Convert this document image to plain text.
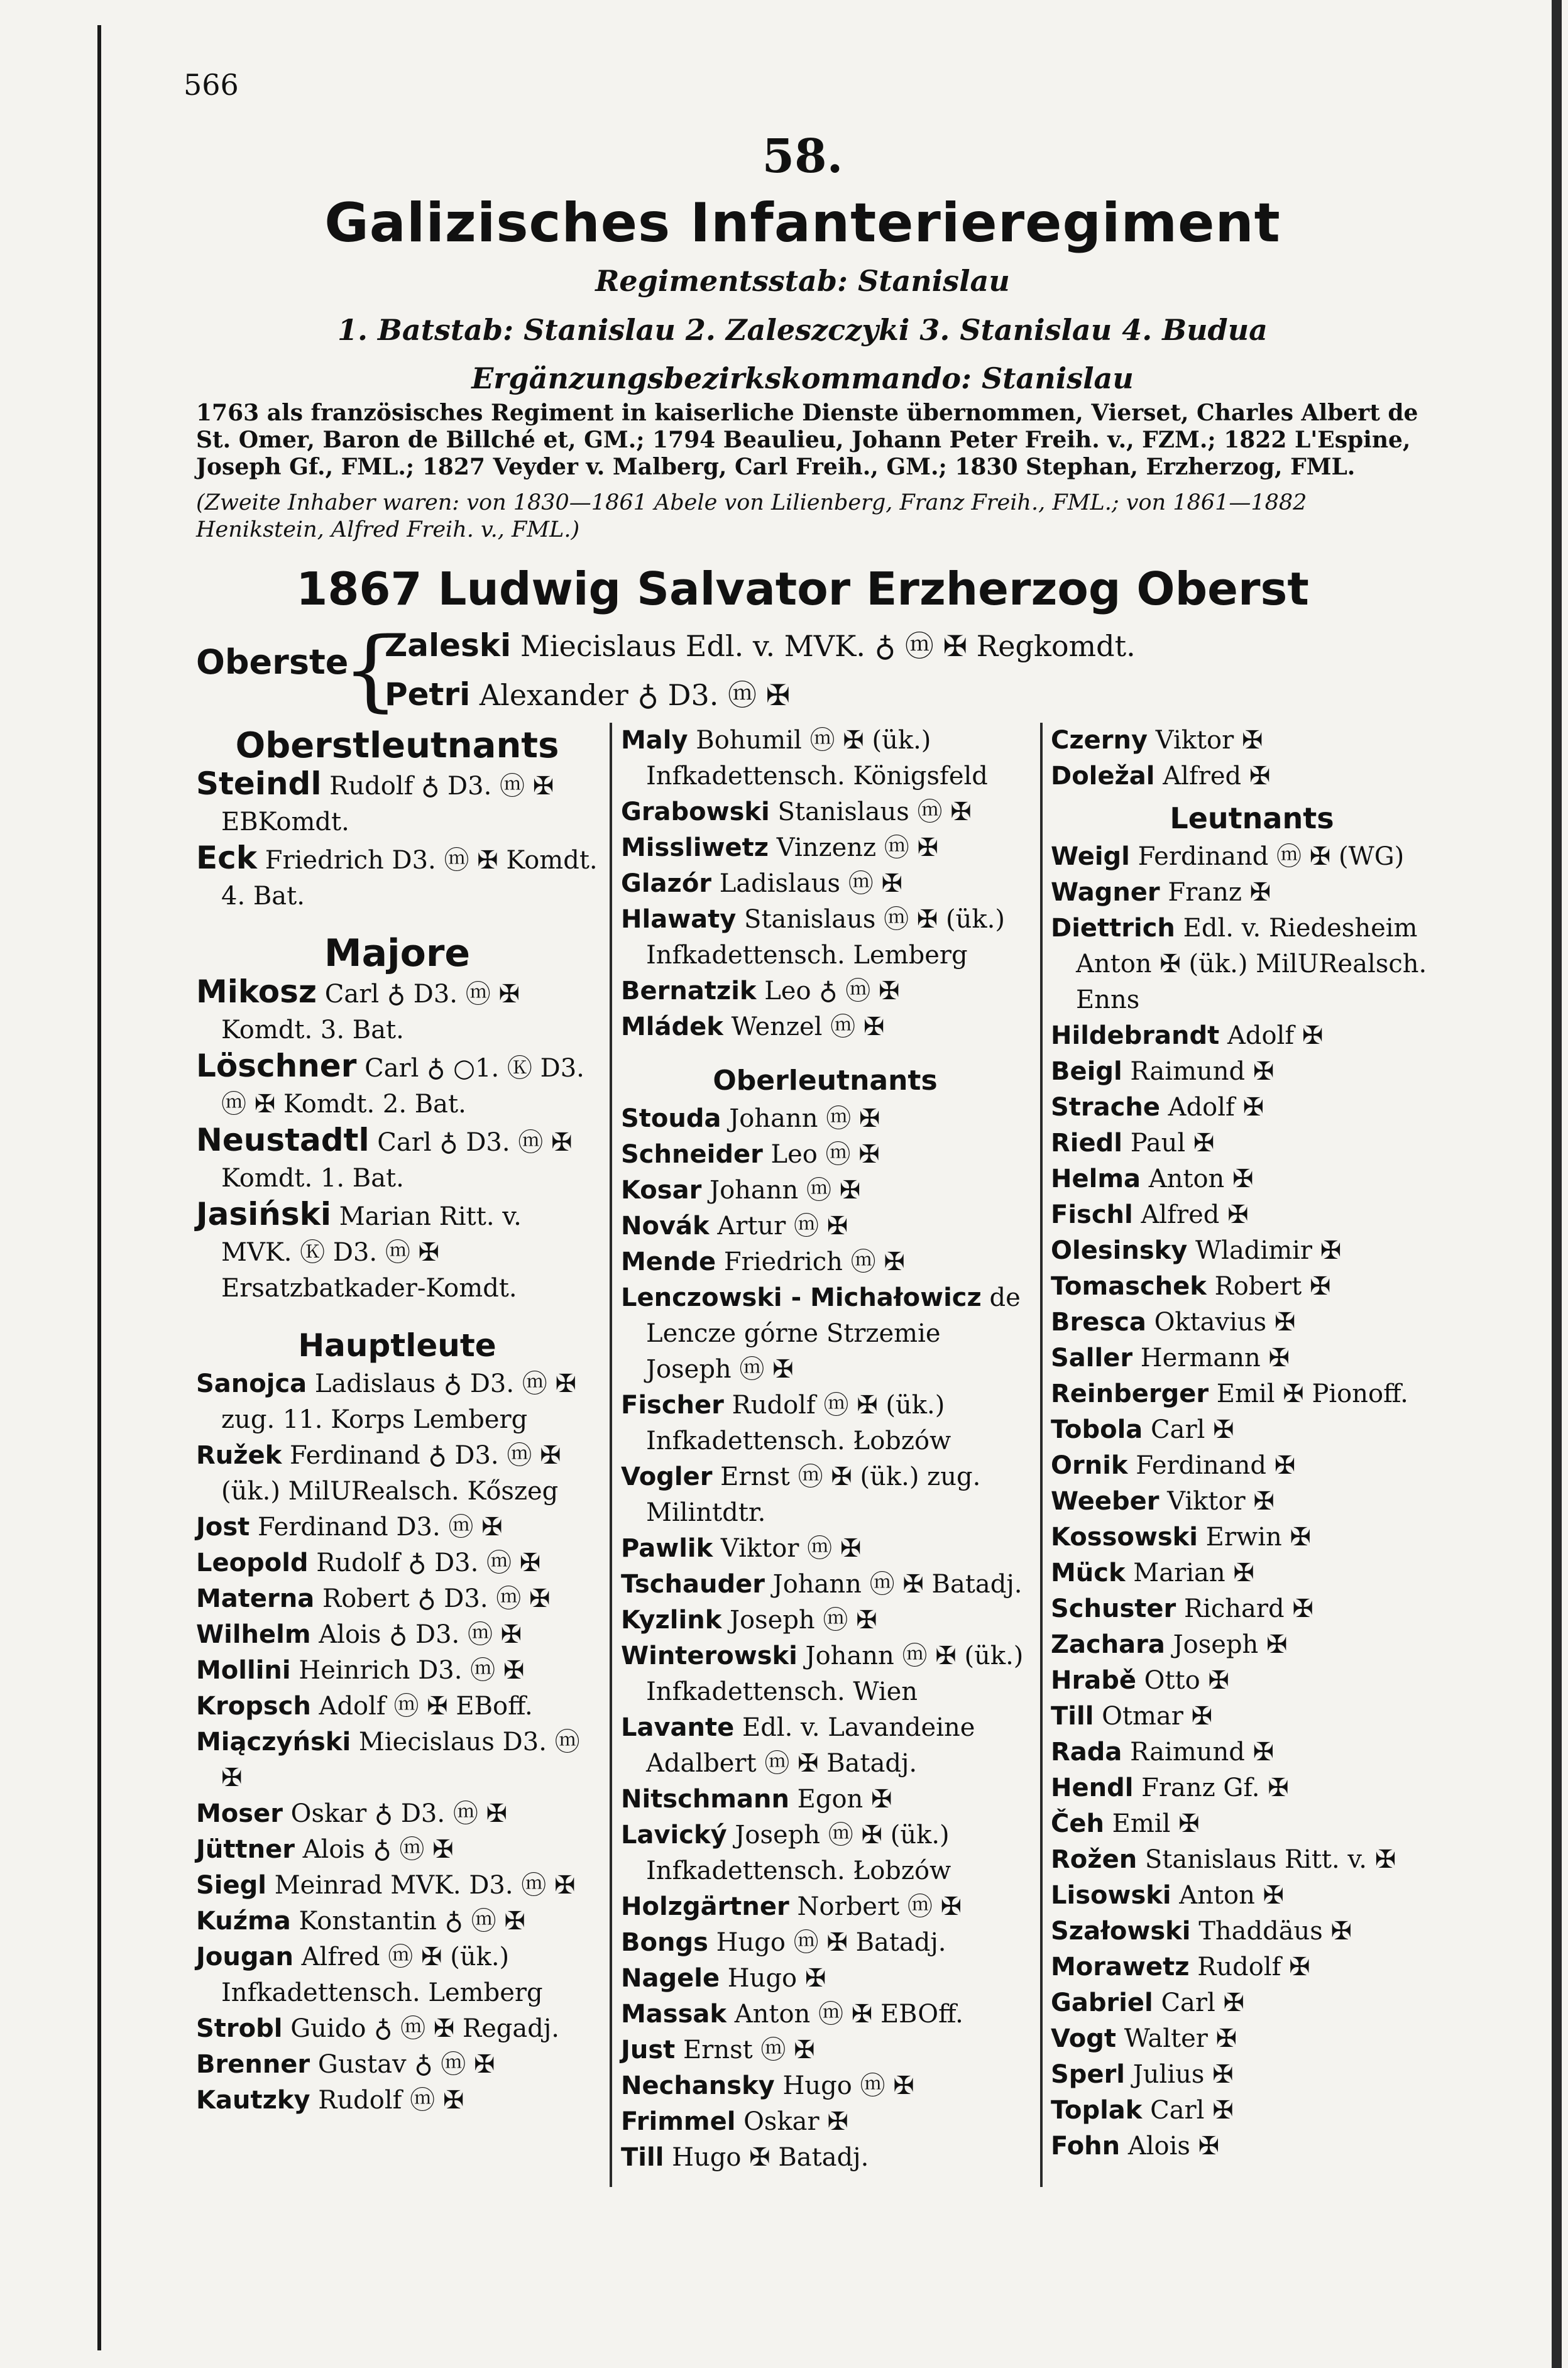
566
58.
Galizisches Infanterieregiment
Regimentsstab: Stanislau
1. Batstab: Stanislau 2. Zaleszczyki 3. Stanislau 4. Budua
Ergänzungsbezirkskommando: Stanislau

1763 als französisches Regiment in kaiserliche Dienste übernommen, Vierset, Charles Albert de St. Omer, Baron de Billché et, GM.; 1794 Beaulieu, Johann Peter Freih. v., FZM.; 1822 L'Espine, Joseph Gf., FML.; 1827 Veyder v. Malberg, Carl Freih., GM.; 1830 Stephan, Erzherzog, FML.

(Zweite Inhaber waren: von 1830—1861 Abele von Lilienberg, Franz Freih., FML.; von 1861—1882 Henikstein, Alfred Freih. v., FML.)

1867 Ludwig Salvator Erzherzog Oberst
Oberste
{
Zaleski Miecislaus Edl. v. MVK. ♁ ⓜ ✠ Regkomdt.
Petri Alexander ♁ D3. ⓜ ✠
Oberstleutnants
Steindl Rudolf ♁ D3. ⓜ ✠ EBKomdt.
Eck Friedrich D3. ⓜ ✠ Komdt. 4. Bat.
Majore
Mikosz Carl ♁ D3. ⓜ ✠ Komdt. 3. Bat.
Löschner Carl ♁ ○1. Ⓚ D3. ⓜ ✠ Komdt. 2. Bat.
Neustadtl Carl ♁ D3. ⓜ ✠ Komdt. 1. Bat.
Jasiński Marian Ritt. v. MVK. Ⓚ D3. ⓜ ✠ Ersatzbatkader-Komdt.
Hauptleute
Sanojca Ladislaus ♁ D3. ⓜ ✠ zug. 11. Korps Lemberg
Ružek Ferdinand ♁ D3. ⓜ ✠ (ük.) MilURealsch. Kőszeg
Jost Ferdinand D3. ⓜ ✠
Leopold Rudolf ♁ D3. ⓜ ✠
Materna Robert ♁ D3. ⓜ ✠
Wilhelm Alois ♁ D3. ⓜ ✠
Mollini Heinrich D3. ⓜ ✠
Kropsch Adolf ⓜ ✠ EBoff.
Miączyński Miecislaus D3. ⓜ ✠
Moser Oskar ♁ D3. ⓜ ✠
Jüttner Alois ♁ ⓜ ✠
Siegl Meinrad MVK. D3. ⓜ ✠
Kuźma Konstantin ♁ ⓜ ✠
Jougan Alfred ⓜ ✠ (ük.) Infkadettensch. Lemberg
Strobl Guido ♁ ⓜ ✠ Regadj.
Brenner Gustav ♁ ⓜ ✠
Kautzky Rudolf ⓜ ✠
Maly Bohumil ⓜ ✠ (ük.) Infkadettensch. Königsfeld
Grabowski Stanislaus ⓜ ✠
Missliwetz Vinzenz ⓜ ✠
Glazór Ladislaus ⓜ ✠
Hlawaty Stanislaus ⓜ ✠ (ük.) Infkadettensch. Lemberg
Bernatzik Leo ♁ ⓜ ✠
Mládek Wenzel ⓜ ✠
Oberleutnants
Stouda Johann ⓜ ✠
Schneider Leo ⓜ ✠
Kosar Johann ⓜ ✠
Novák Artur ⓜ ✠
Mende Friedrich ⓜ ✠
Lenczowski - Michałowicz de Lencze górne Strzemie Joseph ⓜ ✠
Fischer Rudolf ⓜ ✠ (ük.) Infkadettensch. Łobzów
Vogler Ernst ⓜ ✠ (ük.) zug. Milintdtr.
Pawlik Viktor ⓜ ✠
Tschauder Johann ⓜ ✠ Batadj.
Kyzlink Joseph ⓜ ✠
Winterowski Johann ⓜ ✠ (ük.) Infkadettensch. Wien
Lavante Edl. v. Lavandeine Adalbert ⓜ ✠ Batadj.
Nitschmann Egon ✠
Lavický Joseph ⓜ ✠ (ük.) Infkadettensch. Łobzów
Holzgärtner Norbert ⓜ ✠
Bongs Hugo ⓜ ✠ Batadj.
Nagele Hugo ✠
Massak Anton ⓜ ✠ EBOff.
Just Ernst ⓜ ✠
Nechansky Hugo ⓜ ✠
Frimmel Oskar ✠
Till Hugo ✠ Batadj.
Czerny Viktor ✠
Doležal Alfred ✠
Leutnants
Weigl Ferdinand ⓜ ✠ (WG)
Wagner Franz ✠
Diettrich Edl. v. Riedesheim Anton ✠ (ük.) MilURealsch. Enns
Hildebrandt Adolf ✠
Beigl Raimund ✠
Strache Adolf ✠
Riedl Paul ✠
Helma Anton ✠
Fischl Alfred ✠
Olesinsky Wladimir ✠
Tomaschek Robert ✠
Bresca Oktavius ✠
Saller Hermann ✠
Reinberger Emil ✠ Pionoff.
Tobola Carl ✠
Ornik Ferdinand ✠
Weeber Viktor ✠
Kossowski Erwin ✠
Mück Marian ✠
Schuster Richard ✠
Zachara Joseph ✠
Hrabě Otto ✠
Till Otmar ✠
Rada Raimund ✠
Hendl Franz Gf. ✠
Čeh Emil ✠
Rožen Stanislaus Ritt. v. ✠
Lisowski Anton ✠
Szałowski Thaddäus ✠
Morawetz Rudolf ✠
Gabriel Carl ✠
Vogt Walter ✠
Sperl Julius ✠
Toplak Carl ✠
Fohn Alois ✠
